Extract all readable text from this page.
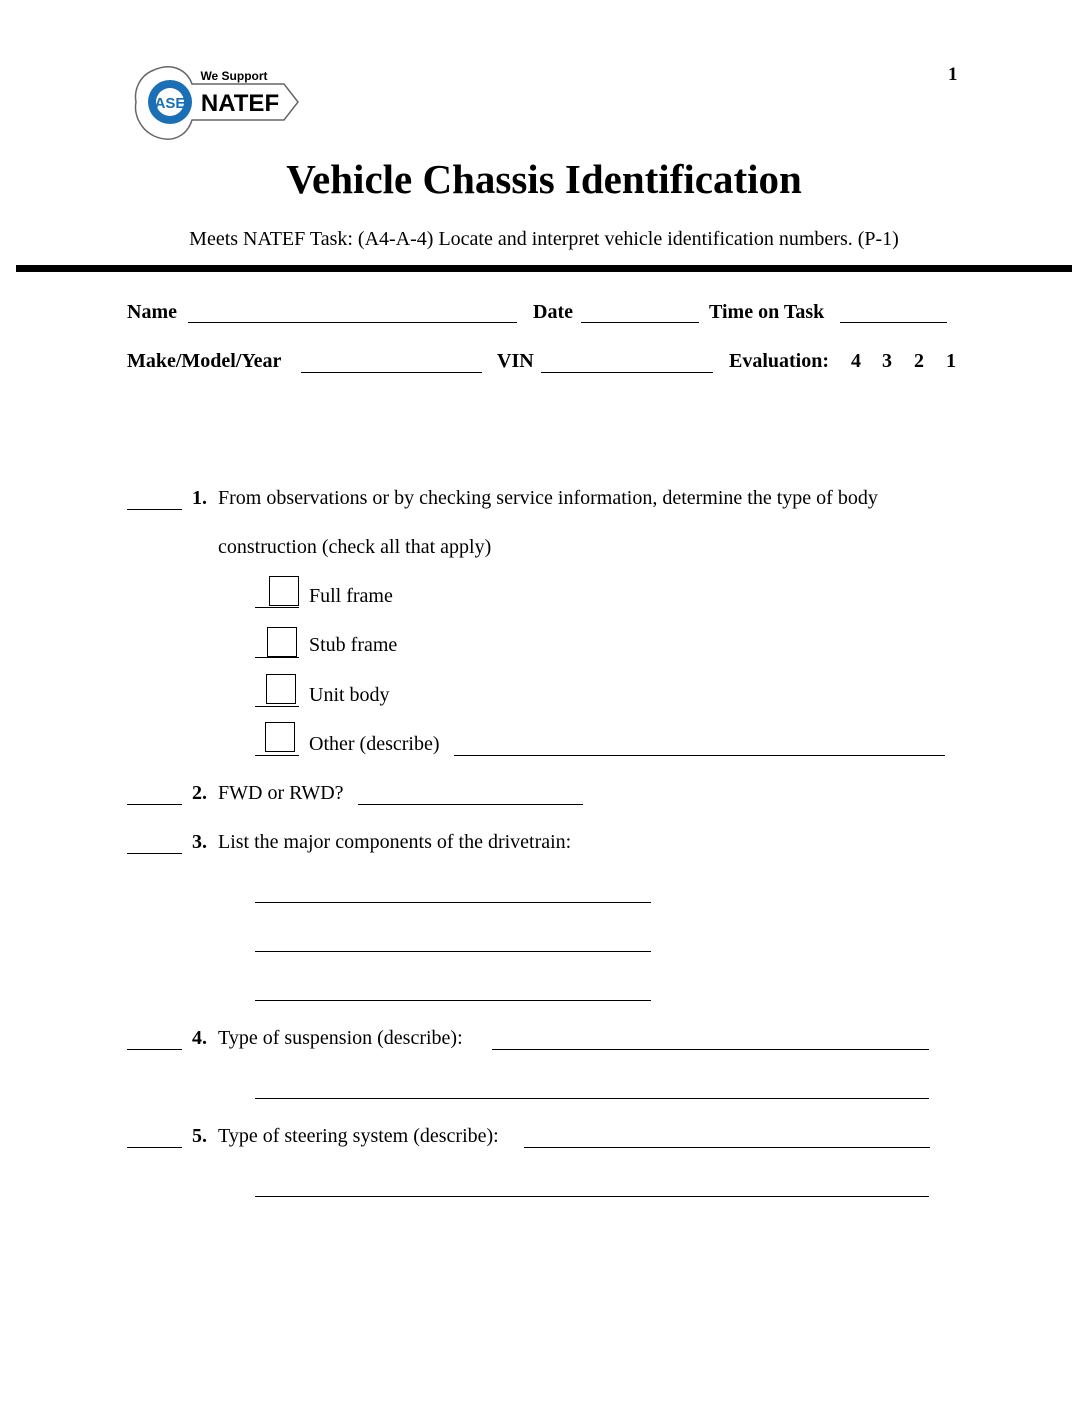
ASE
We Support
NATEF
1
Vehicle Chassis Identification
Meets NATEF Task: (A4-A-4) Locate and interpret vehicle identification numbers. (P-1)
Name	Date	Time on Task
Make/Model/Year	VIN	Evaluation: 4 3 2 1
1. From observations or by checking service information, determine the type of body
construction (check all that apply)
Full frame
Stub frame
Unit body
Other (describe)
2. FWD or RWD?
3. List the major components of the drivetrain:
4. Type of suspension (describe):
5. Type of steering system (describe):
